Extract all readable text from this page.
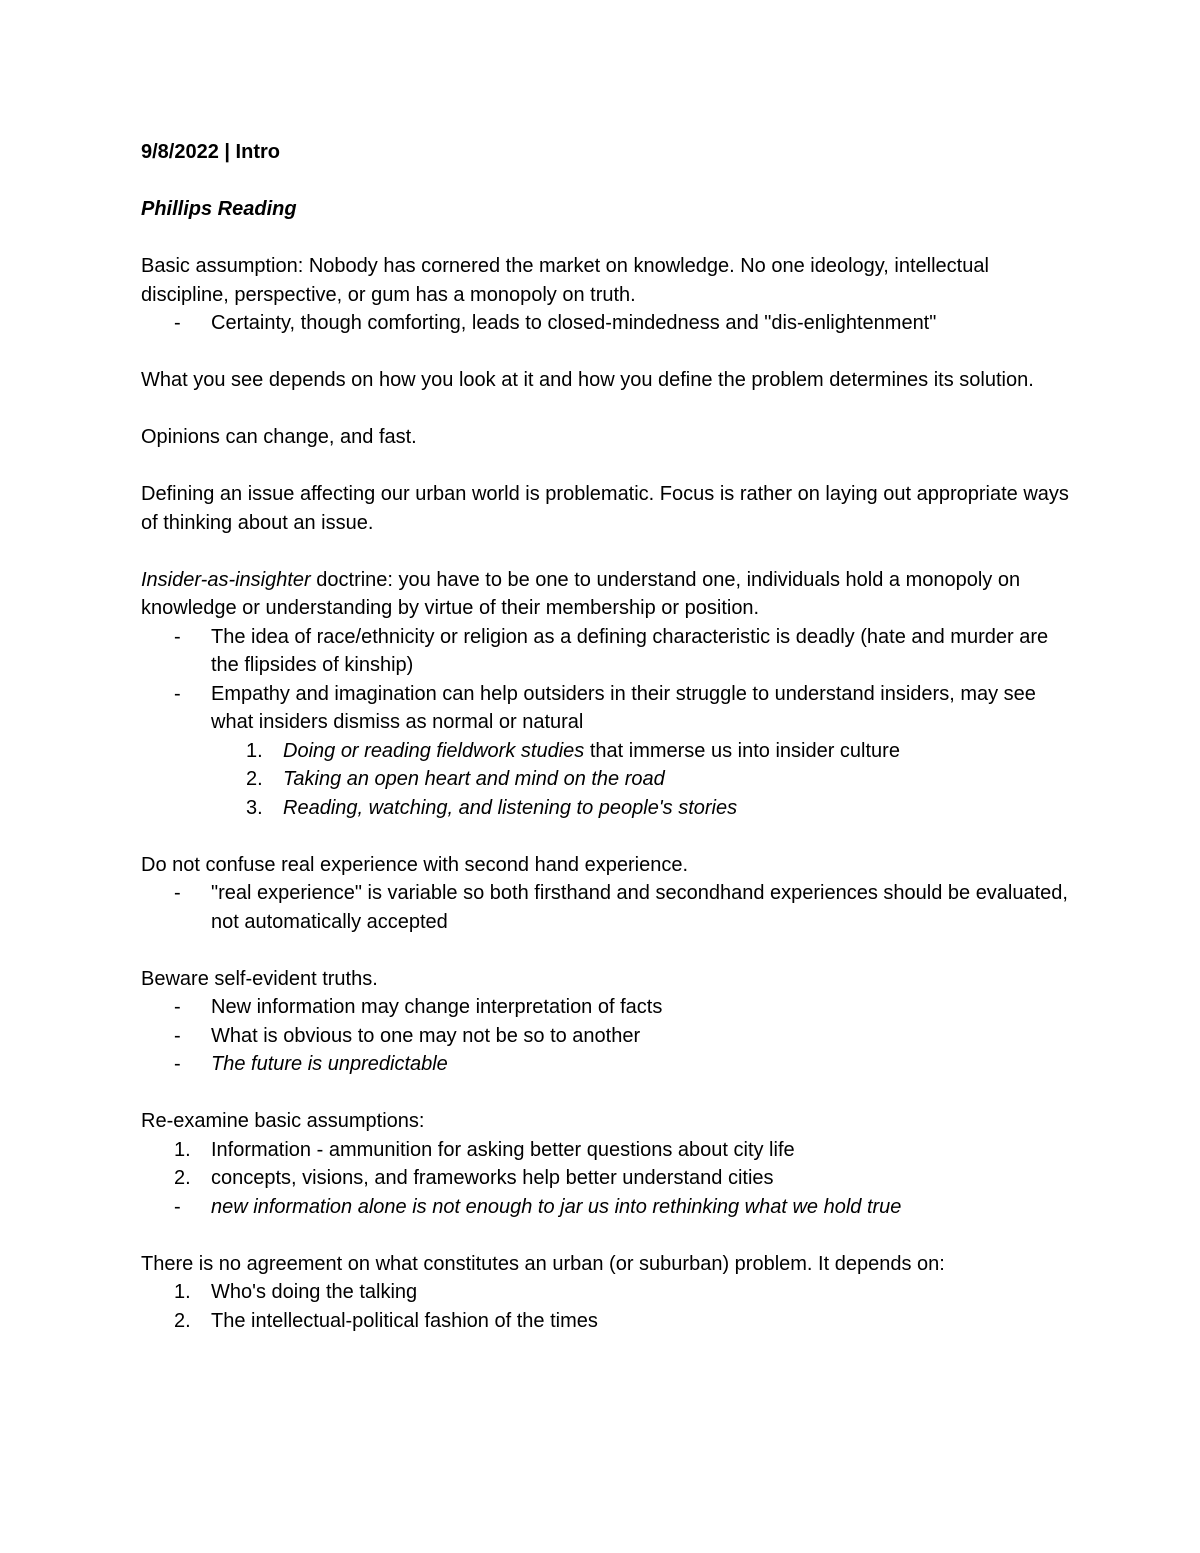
9/8/2022 | Intro

Phillips Reading

Basic assumption: Nobody has cornered the market on knowledge. No one ideology, intellectual discipline, perspective, or gum has a monopoly on truth.

- Certainty, though comforting, leads to closed-mindedness and "dis-enlightenment"

What you see depends on how you look at it and how you define the problem determines its solution.

Opinions can change, and fast.

Defining an issue affecting our urban world is problematic. Focus is rather on laying out appropriate ways of thinking about an issue.

Insider-as-insighter doctrine: you have to be one to understand one, individuals hold a monopoly on knowledge or understanding by virtue of their membership or position.

- The idea of race/ethnicity or religion as a defining characteristic is deadly (hate and murder are the flipsides of kinship)
- Empathy and imagination can help outsiders in their struggle to understand insiders, may see what insiders dismiss as normal or natural
1. Doing or reading fieldwork studies that immerse us into insider culture
2. Taking an open heart and mind on the road
3. Reading, watching, and listening to people's stories

Do not confuse real experience with second hand experience.

- "real experience" is variable so both firsthand and secondhand experiences should be evaluated, not automatically accepted

Beware self-evident truths.

- New information may change interpretation of facts
- What is obvious to one may not be so to another
- The future is unpredictable

Re-examine basic assumptions:

1. Information - ammunition for asking better questions about city life
2. concepts, visions, and frameworks help better understand cities
- new information alone is not enough to jar us into rethinking what we hold true

There is no agreement on what constitutes an urban (or suburban) problem. It depends on:

1. Who's doing the talking
2. The intellectual-political fashion of the times
